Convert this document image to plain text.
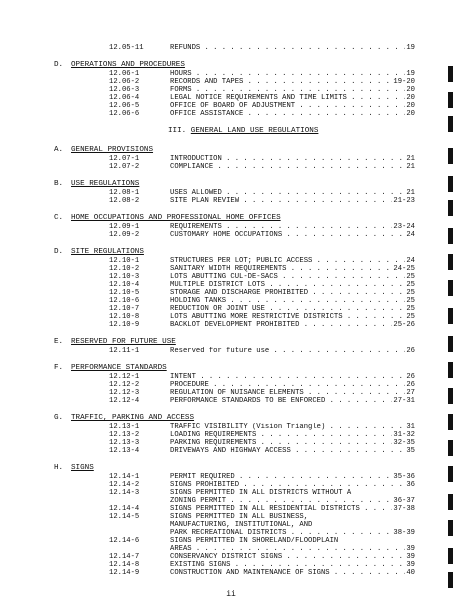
12.05-11	REFUNDS . . .	19
D. OPERATIONS AND PROCEDURES
12.06-1	HOURS . . .	19
12.06-2	RECORDS AND TAPES . . .	19-20
12.06-3	FORMS . . .	20
12.06-4	LEGAL NOTICE REQUIREMENTS AND TIME LIMITS . . .	20
12.06-5	OFFICE OF BOARD OF ADJUSTMENT . . .	20
12.06-6	OFFICE ASSISTANCE . . .	20
III. GENERAL LAND USE REGULATIONS
A. GENERAL PROVISIONS
12.07-1	INTRODUCTION . . .	21
12.07-2	COMPLIANCE . . .	21
B. USE REGULATIONS
12.08-1	USES ALLOWED . . .	21
12.08-2	SITE PLAN REVIEW . . .	21-23
C. HOME OCCUPATIONS AND PROFESSIONAL HOME OFFICES
12.09-1	REQUIREMENTS . . .	23-24
12.09-2	CUSTOMARY HOME OCCUPATIONS . . .	24
D. SITE REGULATIONS
12.10-1	STRUCTURES PER LOT; PUBLIC ACCESS . . .	24
12.10-2	SANITARY WIDTH REQUIREMENTS . . .	24-25
12.10-3	LOTS ABUTTING CUL-DE-SACS . . .	25
12.10-4	MULTIPLE DISTRICT LOTS . . .	25
12.10-5	STORAGE AND DISCHARGE PROHIBITED . . .	25
12.10-6	HOLDING TANKS . . .	25
12.10-7	REDUCTION OR JOINT USE . . .	25
12.10-8	LOTS ABUTTING MORE RESTRICTIVE DISTRICTS . . .	25
12.10-9	BACKLOT DEVELOPMENT PROHIBITED . . .	25-26
E. RESERVED FOR FUTURE USE
12.11-1	Reserved for future use . . .	26
F. PERFORMANCE STANDARDS
12.12-1	INTENT . . .	26
12.12-2	PROCEDURE . . .	26
12.12-3	REGULATION OF NUISANCE ELEMENTS . . .	27
12.12-4	PERFORMANCE STANDARDS TO BE ENFORCED . . .	27-31
G. TRAFFIC, PARKING AND ACCESS
12.13-1	TRAFFIC VISIBILITY (Vision Triangle) . . .	31
12.13-2	LOADING REQUIREMENTS . . .	31-32
12.13-3	PARKING REQUIREMENTS . . .	32-35
12.13-4	DRIVEWAYS AND HIGHWAY ACCESS . . .	35
H. SIGNS
12.14-1	PERMIT REQUIRED . . .	35-36
12.14-2	SIGNS PROHIBITED . . .	36
12.14-3	SIGNS PERMITTED IN ALL DISTRICTS WITHOUT A
ZONING PERMIT . . .	36-37
12.14-4	SIGNS PERMITTED IN ALL RESIDENTIAL DISTRICTS . . .	37-38
12.14-5	SIGNS PERMITTED IN ALL BUSINESS,
MANUFACTURING, INSTITUTIONAL, AND
PARK RECREATIONAL DISTRICTS . . .	38-39
12.14-6	SIGNS PERMITTED IN SHORELAND/FLOODPLAIN
AREAS . . .	39
12.14-7	CONSERVANCY DISTRICT SIGNS . . .	39
12.14-8	EXISTING SIGNS . . .	39
12.14-9	CONSTRUCTION AND MAINTENANCE OF SIGNS . . .	40
ii
